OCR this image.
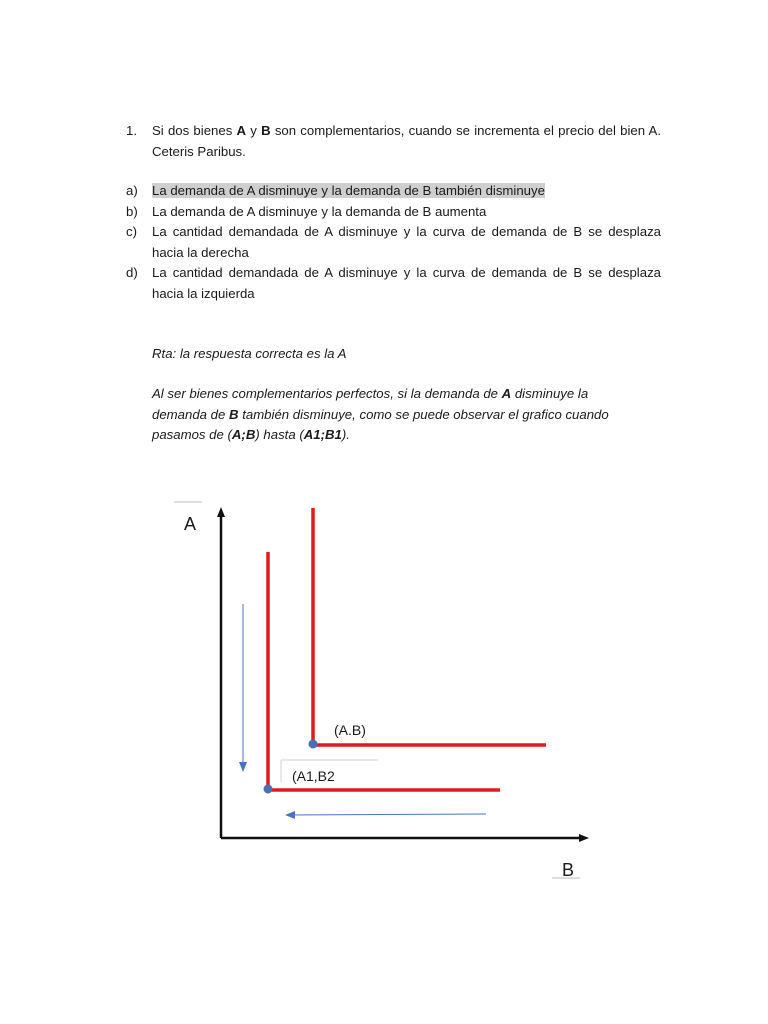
1.	Si dos bienes A y B son complementarios, cuando se incrementa el precio del bien A. Ceteris Paribus.
a)	La demanda de A disminuye y la demanda de B también disminuye
b)	La demanda de A disminuye y la demanda de B aumenta
c)	La cantidad demandada de A disminuye y la curva de demanda de B se desplaza hacia la derecha
d)	La cantidad demandada de A disminuye y la curva de demanda de B se desplaza hacia la izquierda
Rta: la respuesta correcta es la A
Al ser bienes complementarios perfectos, si la demanda de A disminuye la demanda de B también disminuye, como se puede observar el grafico cuando pasamos de (A;B) hasta (A1;B1).
A
B
(A.B)
(A1,B2
